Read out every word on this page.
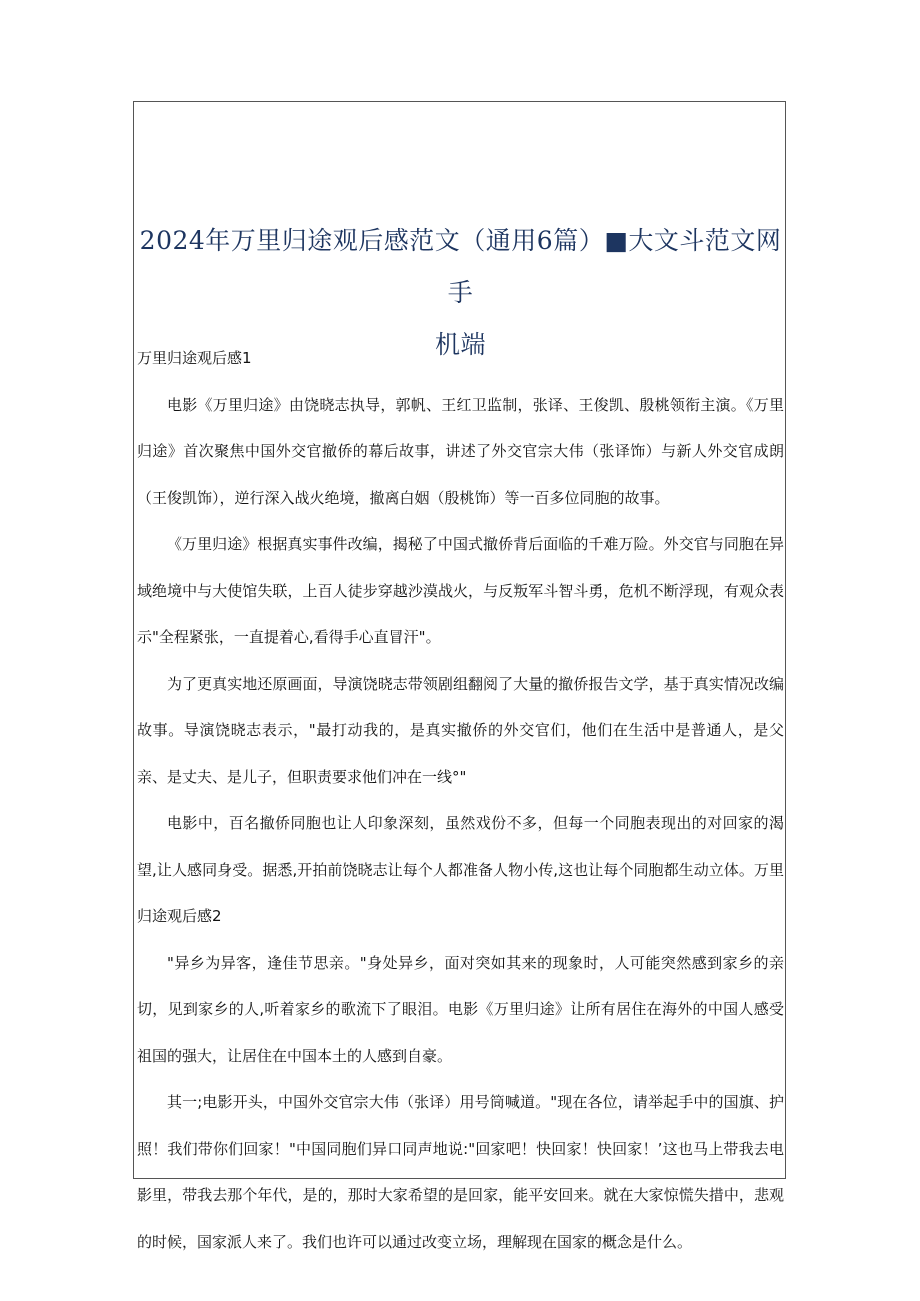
2024年万里归途观后感范文（通用6篇）■大文斗范文网手
机端

万里归途观后感1

电影《万里归途》由饶晓志执导，郭帆、王红卫监制，张译、王俊凯、殷桃领衔主演。《万里归途》首次聚焦中国外交官撤侨的幕后故事，讲述了外交官宗大伟（张译饰）与新人外交官成朗（王俊凯饰），逆行深入战火绝境，撤离白姻（殷桃饰）等一百多位同胞的故事。

《万里归途》根据真实事件改编，揭秘了中国式撤侨背后面临的千难万险。外交官与同胞在异域绝境中与大使馆失联，上百人徒步穿越沙漠战火，与反叛军斗智斗勇，危机不断浮现，有观众表示"全程紧张，一直提着心,看得手心直冒汗"。

为了更真实地还原画面，导演饶晓志带领剧组翻阅了大量的撤侨报告文学，基于真实情况改编故事。导演饶晓志表示，"最打动我的，是真实撤侨的外交官们，他们在生活中是普通人，是父亲、是丈夫、是儿子，但职责要求他们冲在一线°"

电影中，百名撤侨同胞也让人印象深刻，虽然戏份不多，但每一个同胞表现出的对回家的渴望,让人感同身受。据悉,开拍前饶晓志让每个人都准备人物小传,这也让每个同胞都生动立体。万里归途观后感2

"异乡为异客，逢佳节思亲。"身处异乡，面对突如其来的现象时，人可能突然感到家乡的亲切，见到家乡的人,听着家乡的歌流下了眼泪。电影《万里归途》让所有居住在海外的中国人感受祖国的强大，让居住在中国本土的人感到自豪。

其一;电影开头，中国外交官宗大伟（张译）用号筒喊道。"现在各位，请举起手中的国旗、护照！我们带你们回家！"中国同胞们异口同声地说:"回家吧！快回家！快回家！’这也马上带我去电影里，带我去那个年代，是的，那时大家希望的是回家，能平安回来。就在大家惊慌失措中，悲观的时候，国家派人来了。我们也许可以通过改变立场，理解现在国家的概念是什么。
